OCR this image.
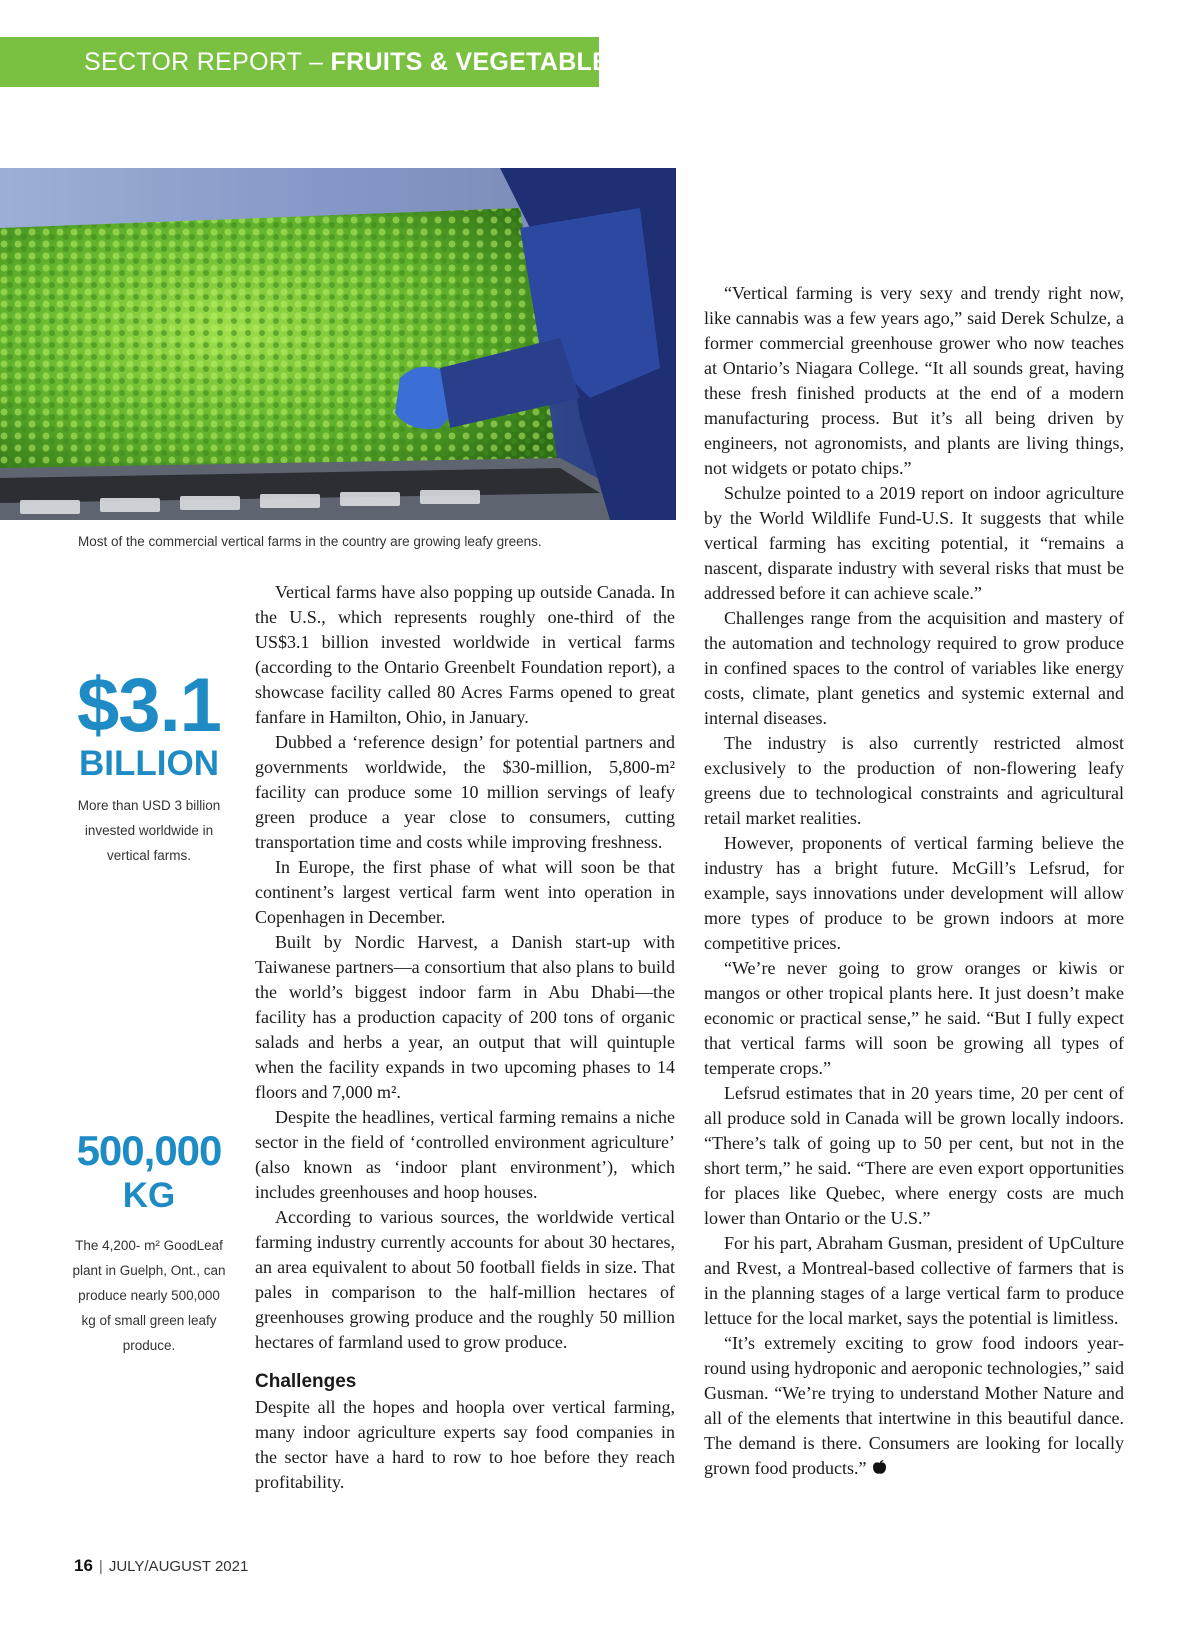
SECTOR REPORT – FRUITS & VEGETABLES
Most of the commercial vertical farms in the country are growing leafy greens.
$3.1
BILLION
More than USD 3 billion invested worldwide in vertical farms.
500,000
KG
The 4,200- m² GoodLeaf plant in Guelph, Ont., can produce nearly 500,000 kg of small green leafy produce.

Vertical farms have also popping up outside Canada. In the U.S., which represents roughly one-third of the US$3.1 billion invested worldwide in vertical farms (according to the Ontario Greenbelt Foundation report), a showcase facility called 80 Acres Farms opened to great fanfare in Hamilton, Ohio, in January.

Dubbed a ‘reference design’ for potential partners and governments worldwide, the $30-million, 5,800-m² facility can produce some 10 million servings of leafy green produce a year close to consumers, cutting transportation time and costs while improving freshness.

In Europe, the first phase of what will soon be that continent’s largest vertical farm went into operation in Copenhagen in December.

Built by Nordic Harvest, a Danish start-up with Taiwanese partners—a consortium that also plans to build the world’s biggest indoor farm in Abu Dhabi—the facility has a production capacity of 200 tons of organic salads and herbs a year, an output that will quintuple when the facility expands in two upcoming phases to 14 floors and 7,000 m².

Despite the headlines, vertical farming remains a niche sector in the field of ‘controlled environment agriculture’ (also known as ‘indoor plant environment’), which includes greenhouses and hoop houses.

According to various sources, the worldwide vertical farming industry currently accounts for about 30 hectares, an area equivalent to about 50 football fields in size. That pales in comparison to the half-million hectares of greenhouses growing produce and the roughly 50 million hectares of farmland used to grow produce.

Challenges

Despite all the hopes and hoopla over vertical farming, many indoor agriculture experts say food companies in the sector have a hard to row to hoe before they reach profitability.

“Vertical farming is very sexy and trendy right now, like cannabis was a few years ago,” said Derek Schulze, a former commercial greenhouse grower who now teaches at Ontario’s Niagara College. “It all sounds great, having these fresh finished products at the end of a modern manufacturing process. But it’s all being driven by engineers, not agronomists, and plants are living things, not widgets or potato chips.”

Schulze pointed to a 2019 report on indoor agriculture by the World Wildlife Fund-U.S. It suggests that while vertical farming has exciting potential, it “remains a nascent, disparate industry with several risks that must be addressed before it can achieve scale.”

Challenges range from the acquisition and mastery of the automation and technology required to grow produce in confined spaces to the control of variables like energy costs, climate, plant genetics and systemic external and internal diseases.

The industry is also currently restricted almost exclusively to the production of non-flowering leafy greens due to technological constraints and agricultural retail market realities.

However, proponents of vertical farming believe the industry has a bright future. McGill’s Lefsrud, for example, says innovations under development will allow more types of produce to be grown indoors at more competitive prices.

“We’re never going to grow oranges or kiwis or mangos or other tropical plants here. It just doesn’t make economic or practical sense,” he said. “But I fully expect that vertical farms will soon be growing all types of temperate crops.”

Lefsrud estimates that in 20 years time, 20 per cent of all produce sold in Canada will be grown locally indoors. “There’s talk of going up to 50 per cent, but not in the short term,” he said. “There are even export opportunities for places like Quebec, where energy costs are much lower than Ontario or the U.S.”

For his part, Abraham Gusman, president of UpCulture and Rvest, a Montreal-based collective of farmers that is in the planning stages of a large vertical farm to produce lettuce for the local market, says the potential is limitless.

“It’s extremely exciting to grow food indoors year-round using hydroponic and aeroponic technologies,” said Gusman. “We’re trying to understand Mother Nature and all of the elements that intertwine in this beautiful dance. The demand is there. Consumers are looking for locally grown food products.”

16 | JULY/AUGUST 2021
